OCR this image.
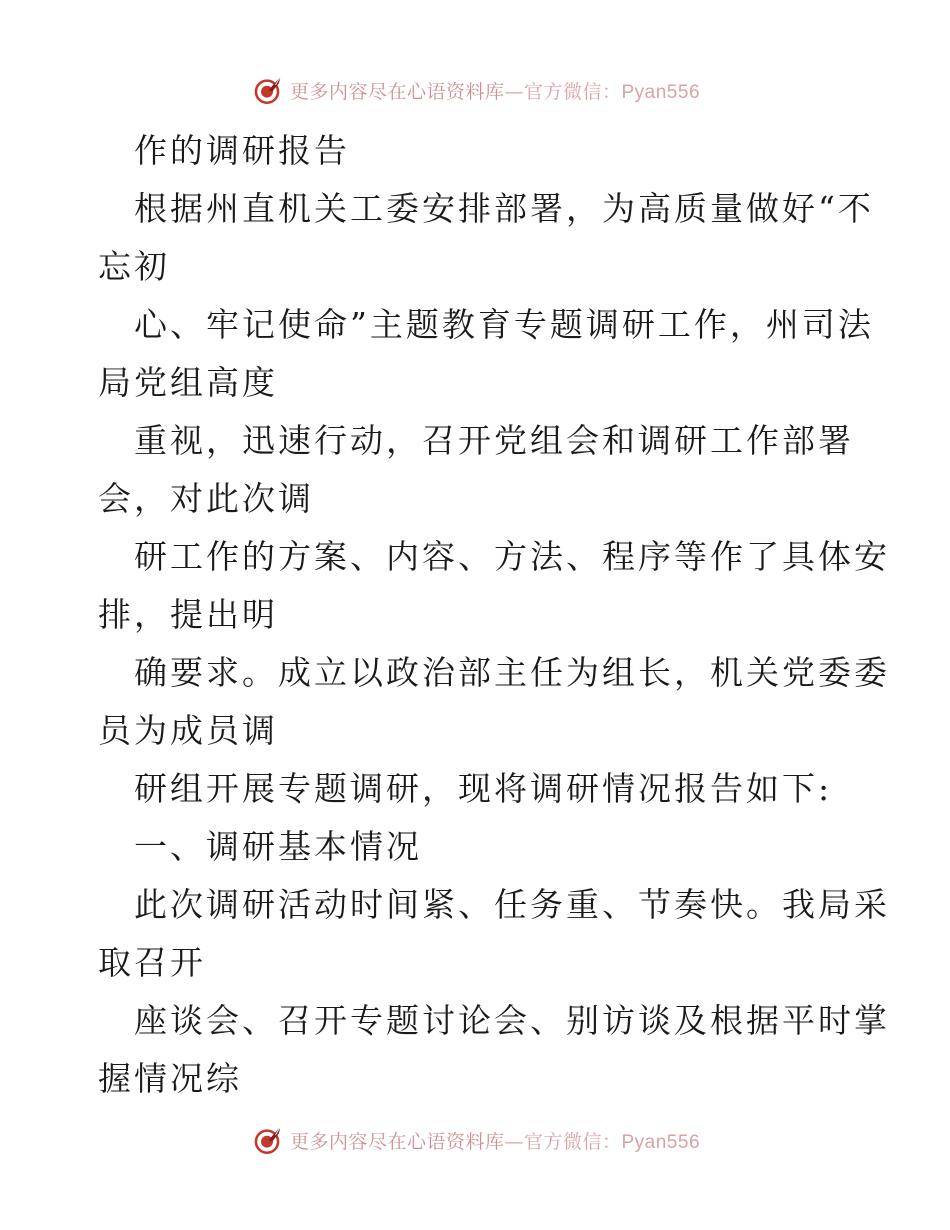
更多内容尽在心语资料库—官方微信：Pyan556
作的调研报告
根据州直机关工委安排部署，为高质量做好“不
忘初
心、牢记使命”主题教育专题调研工作，州司法
局党组高度
重视，迅速行动，召开党组会和调研工作部署
会，对此次调
研工作的方案、内容、方法、程序等作了具体安
排，提出明
确要求。成立以政治部主任为组长，机关党委委
员为成员调
研组开展专题调研，现将调研情况报告如下:
一、调研基本情况
此次调研活动时间紧、任务重、节奏快。我局采
取召开
座谈会、召开专题讨论会、别访谈及根据平时掌
握情况综
更多内容尽在心语资料库—官方微信：Pyan556
